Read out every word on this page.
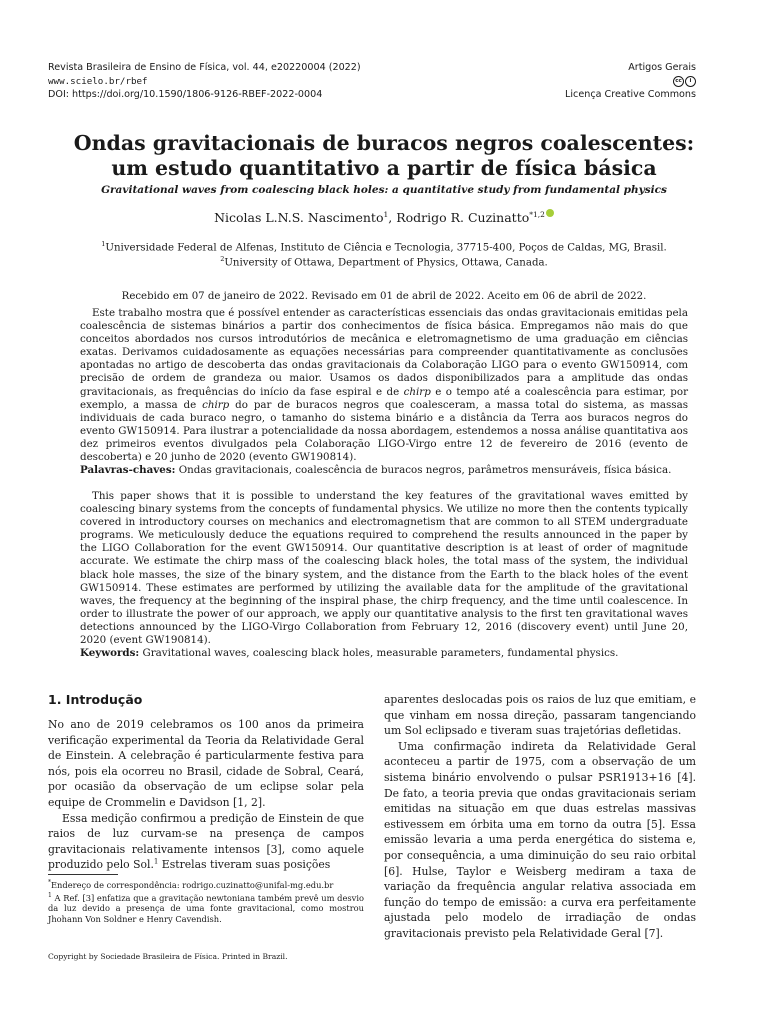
Revista Brasileira de Ensino de Física, vol. 44, e20220004 (2022)
www.scielo.br/rbef
DOI: https://doi.org/10.1590/1806-9126-RBEF-2022-0004
Artigos Gerais
cc	i
Licença Creative Commons
Ondas gravitacionais de buracos negros coalescentes:
um estudo quantitativo a partir de física básica
Gravitational waves from coalescing black holes: a quantitative study from fundamental physics
Nicolas L.N.S. Nascimento$^1$, Rodrigo R. Cuzinatto$^{*1,2}$
$^1$Universidade Federal de Alfenas, Instituto de Ciência e Tecnologia, 37715-400, Poços de Caldas, MG, Brasil.
$^2$University of Ottawa, Department of Physics, Ottawa, Canada.
Recebido em 07 de janeiro de 2022. Revisado em 01 de abril de 2022. Aceito em 06 de abril de 2022.

Este trabalho mostra que é possível entender as características essenciais das ondas gravitacionais emitidas pela coalescência de sistemas binários a partir dos conhecimentos de física básica. Empregamos não mais do que conceitos abordados nos cursos introdutórios de mecânica e eletromagnetismo de uma graduação em ciências exatas. Derivamos cuidadosamente as equações necessárias para compreender quantitativamente as conclusões apontadas no artigo de descoberta das ondas gravitacionais da Colaboração LIGO para o evento GW150914, com precisão de ordem de grandeza ou maior. Usamos os dados disponibilizados para a amplitude das ondas gravitacionais, as frequências do início da fase espiral e de chirp e o tempo até a coalescência para estimar, por exemplo, a massa de chirp do par de buracos negros que coalesceram, a massa total do sistema, as massas individuais de cada buraco negro, o tamanho do sistema binário e a distância da Terra aos buracos negros do evento GW150914. Para ilustrar a potencialidade da nossa abordagem, estendemos a nossa análise quantitativa aos dez primeiros eventos divulgados pela Colaboração LIGO-Virgo entre 12 de fevereiro de 2016 (evento de descoberta) e 20 junho de 2020 (evento GW190814).

Palavras-chaves: Ondas gravitacionais, coalescência de buracos negros, parâmetros mensuráveis, física básica.

This paper shows that it is possible to understand the key features of the gravitational waves emitted by coalescing binary systems from the concepts of fundamental physics. We utilize no more then the contents typically covered in introductory courses on mechanics and electromagnetism that are common to all STEM undergraduate programs. We meticulously deduce the equations required to comprehend the results announced in the paper by the LIGO Collaboration for the event GW150914. Our quantitative description is at least of order of magnitude accurate. We estimate the chirp mass of the coalescing black holes, the total mass of the system, the individual black hole masses, the size of the binary system, and the distance from the Earth to the black holes of the event GW150914. These estimates are performed by utilizing the available data for the amplitude of the gravitational waves, the frequency at the beginning of the inspiral phase, the chirp frequency, and the time until coalescence. In order to illustrate the power of our approach, we apply our quantitative analysis to the first ten gravitational waves detections announced by the LIGO-Virgo Collaboration from February 12, 2016 (discovery event) until June 20, 2020 (event GW190814).

Keywords: Gravitational waves, coalescing black holes, measurable parameters, fundamental physics.

1. Introdução

No ano de 2019 celebramos os 100 anos da primeira verificação experimental da Teoria da Relatividade Geral de Einstein. A celebração é particularmente festiva para nós, pois ela ocorreu no Brasil, cidade de Sobral, Ceará, por ocasião da observação de um eclipse solar pela equipe de Crommelin e Davidson [1, 2].

Essa medição confirmou a predição de Einstein de que raios de luz curvam-se na presença de campos gravitacionais relativamente intensos [3], como aquele produzido pelo Sol.$^1$ Estrelas tiveram suas posições

aparentes deslocadas pois os raios de luz que emitiam, e que vinham em nossa direção, passaram tangenciando um Sol eclipsado e tiveram suas trajetórias defletidas.

Uma confirmação indireta da Relatividade Geral aconteceu a partir de 1975, com a observação de um sistema binário envolvendo o pulsar PSR1913+16 [4]. De fato, a teoria previa que ondas gravitacionais seriam emitidas na situação em que duas estrelas massivas estivessem em órbita uma em torno da outra [5]. Essa emissão levaria a uma perda energética do sistema e, por consequência, a uma diminuição do seu raio orbital [6]. Hulse, Taylor e Weisberg mediram a taxa de variação da frequência angular relativa associada em função do tempo de emissão: a curva era perfeitamente ajustada pelo modelo de irradiação de ondas gravitacionais previsto pela Relatividade Geral [7].

*Endereço de correspondência: rodrigo.cuzinatto@unifal-mg.edu.br

$^1$ A Ref. [3] enfatiza que a gravitação newtoniana também prevê um desvio da luz devido a presença de uma fonte gravitacional, como mostrou Jhohann Von Soldner e Henry Cavendish.

Copyright by Sociedade Brasileira de Física. Printed in Brazil.
